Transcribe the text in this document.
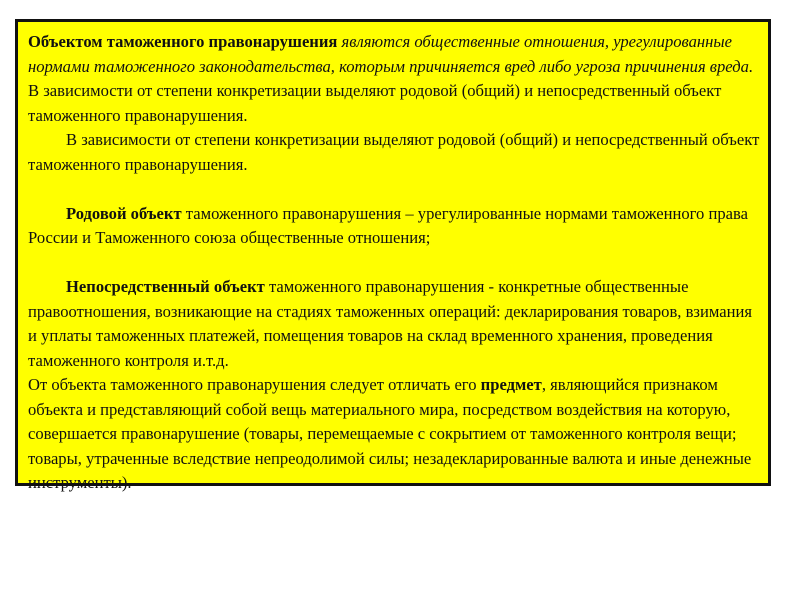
Объектом таможенного правонарушения являются общественные отношения, урегулированные нормами таможенного законодательства, которым причиняется вред либо угроза причинения вреда. В зависимости от степени конкретизации выделяют родовой (общий) и непосредственный объект таможенного правонарушения.

В зависимости от степени конкретизации выделяют родовой (общий) и непосредственный объект таможенного правонарушения.

Родовой объект таможенного правонарушения – урегулированные нормами таможенного права России и Таможенного союза общественные отношения;

Непосредственный объект таможенного правонарушения - конкретные общественные правоотношения, возникающие на стадиях таможенных операций: декларирования товаров, взимания и уплаты таможенных платежей, помещения товаров на склад временного хранения, проведения таможенного контроля и.т.д.

От объекта таможенного правонарушения следует отличать его предмет, являющийся признаком объекта и представляющий собой вещь материального мира, посредством воздействия на которую, совершается правонарушение (товары, перемещаемые с сокрытием от таможенного контроля вещи; товары, утраченные вследствие непреодолимой силы; незадекларированные валюта и иные денежные инструменты).
